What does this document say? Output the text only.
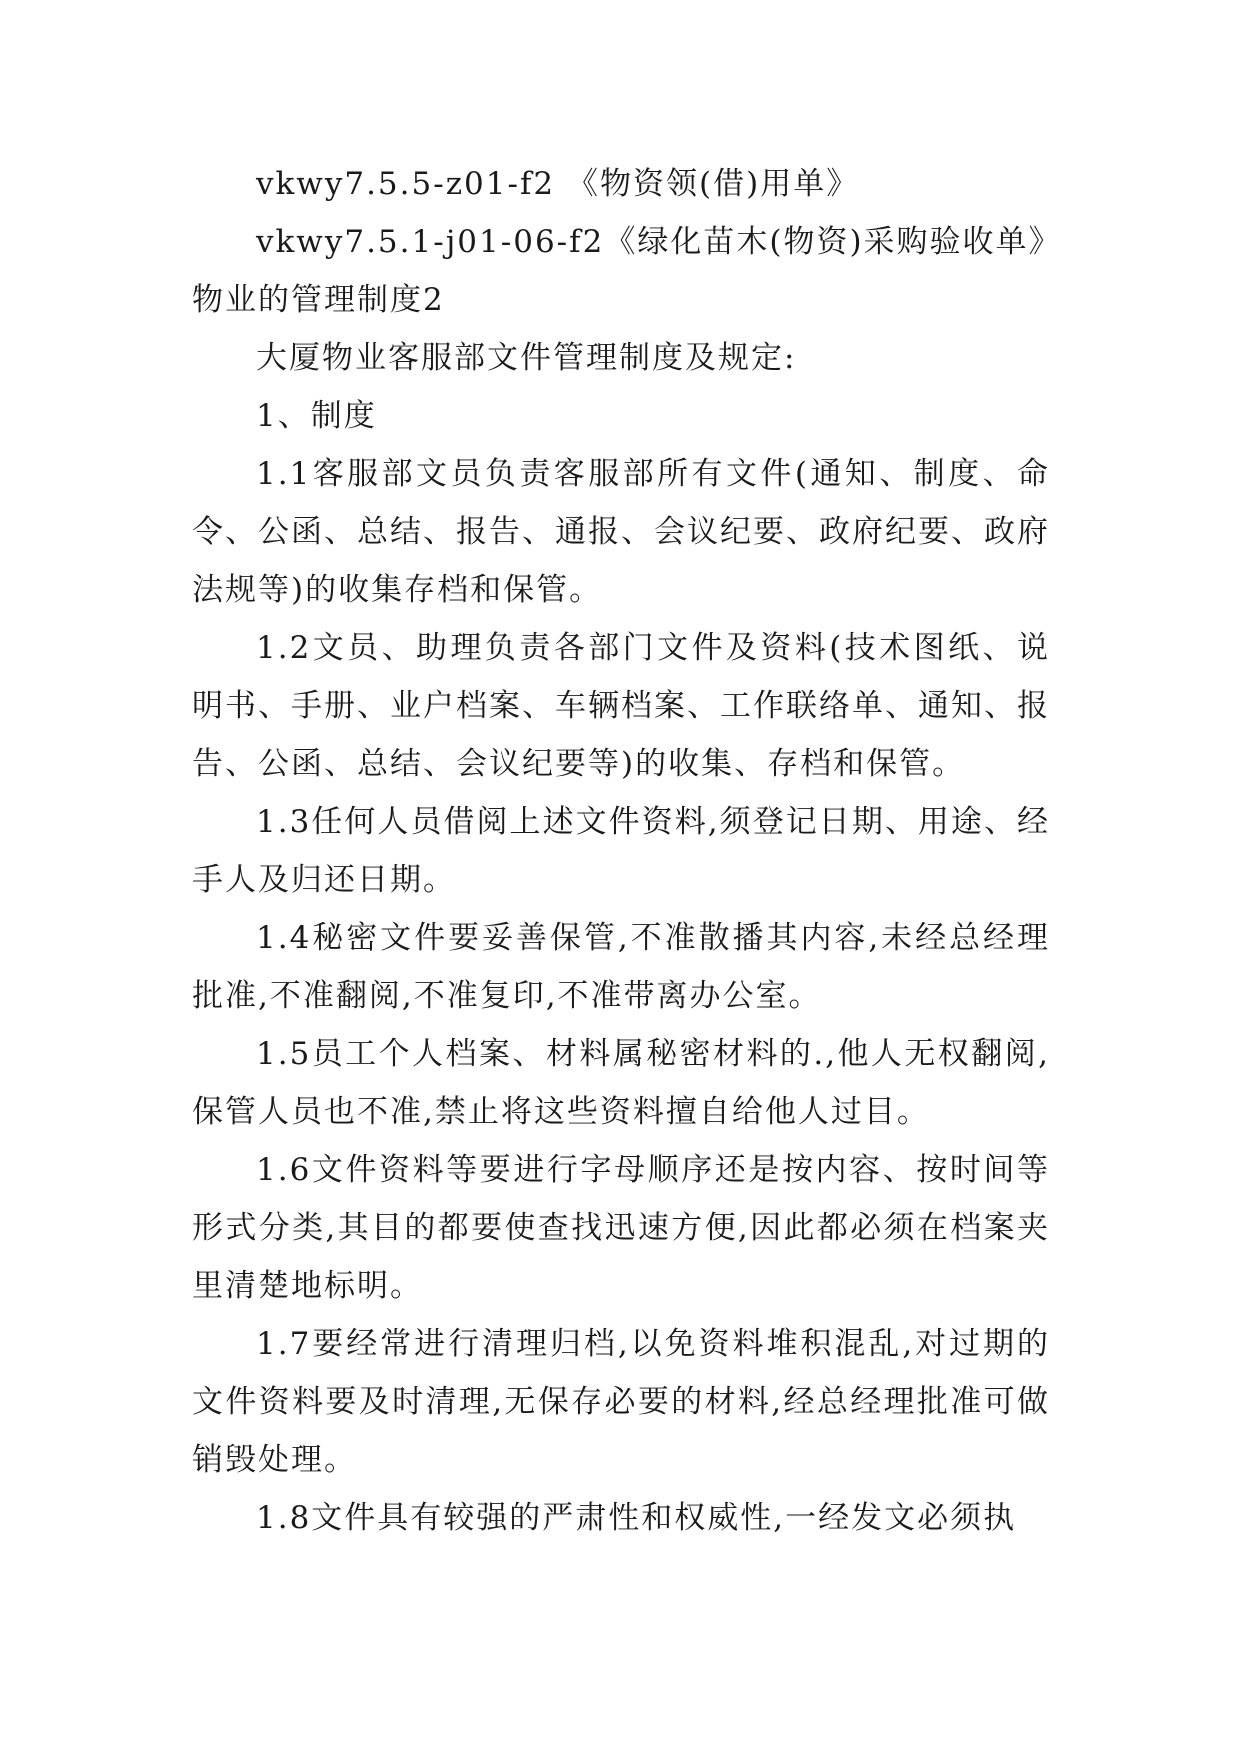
vkwy7.5.5-z01-f2 《物资领(借)用单》

vkwy7.5.1-j01-06-f2《绿化苗木(物资)采购验收单》

物业的管理制度2

大厦物业客服部文件管理制度及规定:

1、制度

1.1客服部文员负责客服部所有文件(通知、制度、命令、公函、总结、报告、通报、会议纪要、政府纪要、政府法规等)的收集存档和保管。

1.2文员、助理负责各部门文件及资料(技术图纸、说明书、手册、业户档案、车辆档案、工作联络单、通知、报告、公函、总结、会议纪要等)的收集、存档和保管。

1.3任何人员借阅上述文件资料,须登记日期、用途、经手人及归还日期。

1.4秘密文件要妥善保管,不准散播其内容,未经总经理批准,不准翻阅,不准复印,不准带离办公室。

1.5员工个人档案、材料属秘密材料的.,他人无权翻阅,保管人员也不准,禁止将这些资料擅自给他人过目。

1.6文件资料等要进行字母顺序还是按内容、按时间等形式分类,其目的都要使查找迅速方便,因此都必须在档案夹里清楚地标明。

1.7要经常进行清理归档,以免资料堆积混乱,对过期的文件资料要及时清理,无保存必要的材料,经总经理批准可做销毁处理。

1.8文件具有较强的严肃性和权威性,一经发文必须执
